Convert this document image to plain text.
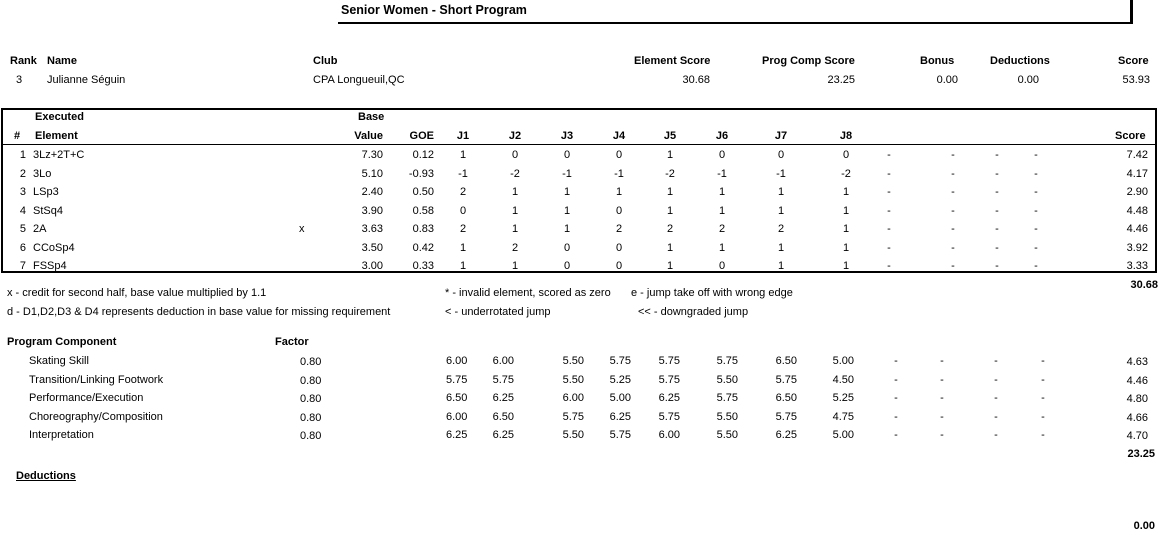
Senior Women - Short Program
Rank Name	Club	Element Score	Prog Comp Score	Bonus	Deductions	Score
3 Julianne Séguin	CPA Longueuil,QC	30.68	23.25	0.00	0.00	53.93
Executed
# Element
Base
Value	GOE	J1	J2	J3	J4	J5	J6	J7	J8	Score
1 3Lz+2T+C	7.30	0.12	1	0	0	0	1	0	0	0	-	-	-	-	7.42
2 3Lo	5.10	-0.93	-1	-2	-1	-1	-2	-1	-1	-2	-	-	-	-	4.17
3 LSp3	2.40	0.50	2	1	1	1	1	1	1	1	-	-	-	-	2.90
4 StSq4	3.90	0.58	0	1	1	0	1	1	1	1	-	-	-	-	4.48
5 2A	x	3.63	0.83	2	1	1	2	2	2	2	1	-	-	-	-	4.46
6 CCoSp4	3.50	0.42	1	2	0	0	1	1	1	1	-	-	-	-	3.92
7 FSSp4	3.00	0.33	1	1	0	0	1	0	1	1	-	-	-	-	3.33
30.68
x - credit for second half, base value multiplied by 1.1	* - invalid element, scored as zero e - jump take off with wrong edge
d - D1,D2,D3 & D4 represents deduction in base value for missing requirement	< - underrotated jump	<< - downgraded jump
Program Component	Factor
Skating Skill	0.80	6.00	6.00	5.50	5.75	5.75	5.75	6.50	5.00	-	-	-	-	4.63
Transition/Linking Footwork	0.80	5.75	5.75	5.50	5.25	5.75	5.50	5.75	4.50	-	-	-	-	4.46
Performance/Execution	0.80	6.50	6.25	6.00	5.00	6.25	5.75	6.50	5.25	-	-	-	-	4.80
Choreography/Composition	0.80	6.00	6.50	5.75	6.25	5.75	5.50	5.75	4.75	-	-	-	-	4.66
Interpretation	0.80	6.25	6.25	5.50	5.75	6.00	5.50	6.25	5.00	-	-	-	-	4.70
23.25
Deductions
0.00
